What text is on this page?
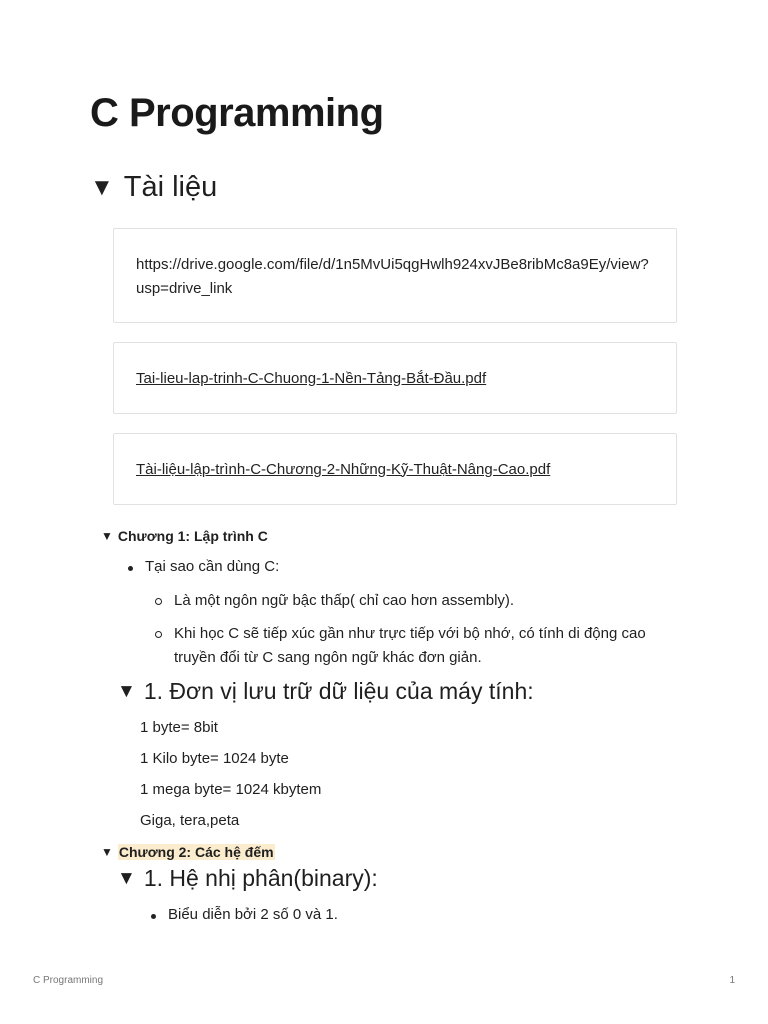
C Programming
▼ Tài liệu
https://drive.google.com/file/d/1n5MvUi5qgHwlh924xvJBe8ribMc8a9Ey/view?usp=drive_link
Tai-lieu-lap-trinh-C-Chuong-1-Nền-Tảng-Bắt-Đầu.pdf
Tài-liệu-lập-trình-C-Chương-2-Những-Kỹ-Thuật-Nâng-Cao.pdf
▼ Chương 1: Lập trình C
Tại sao cần dùng C:
Là một ngôn ngữ bậc thấp( chỉ cao hơn assembly).
Khi học C sẽ tiếp xúc gần như trực tiếp với bộ nhớ, có tính di động cao truyền đổi từ C sang ngôn ngữ khác đơn giản.
▼ 1. Đơn vị lưu trữ dữ liệu của máy tính:

1 byte= 8bit

1 Kilo byte= 1024 byte

1 mega byte= 1024 kbytem

Giga, tera,peta

▼ Chương 2: Các hệ đếm
▼ 1. Hệ nhị phân(binary):
Biểu diễn bởi 2 số 0 và 1.
C Programming	1
